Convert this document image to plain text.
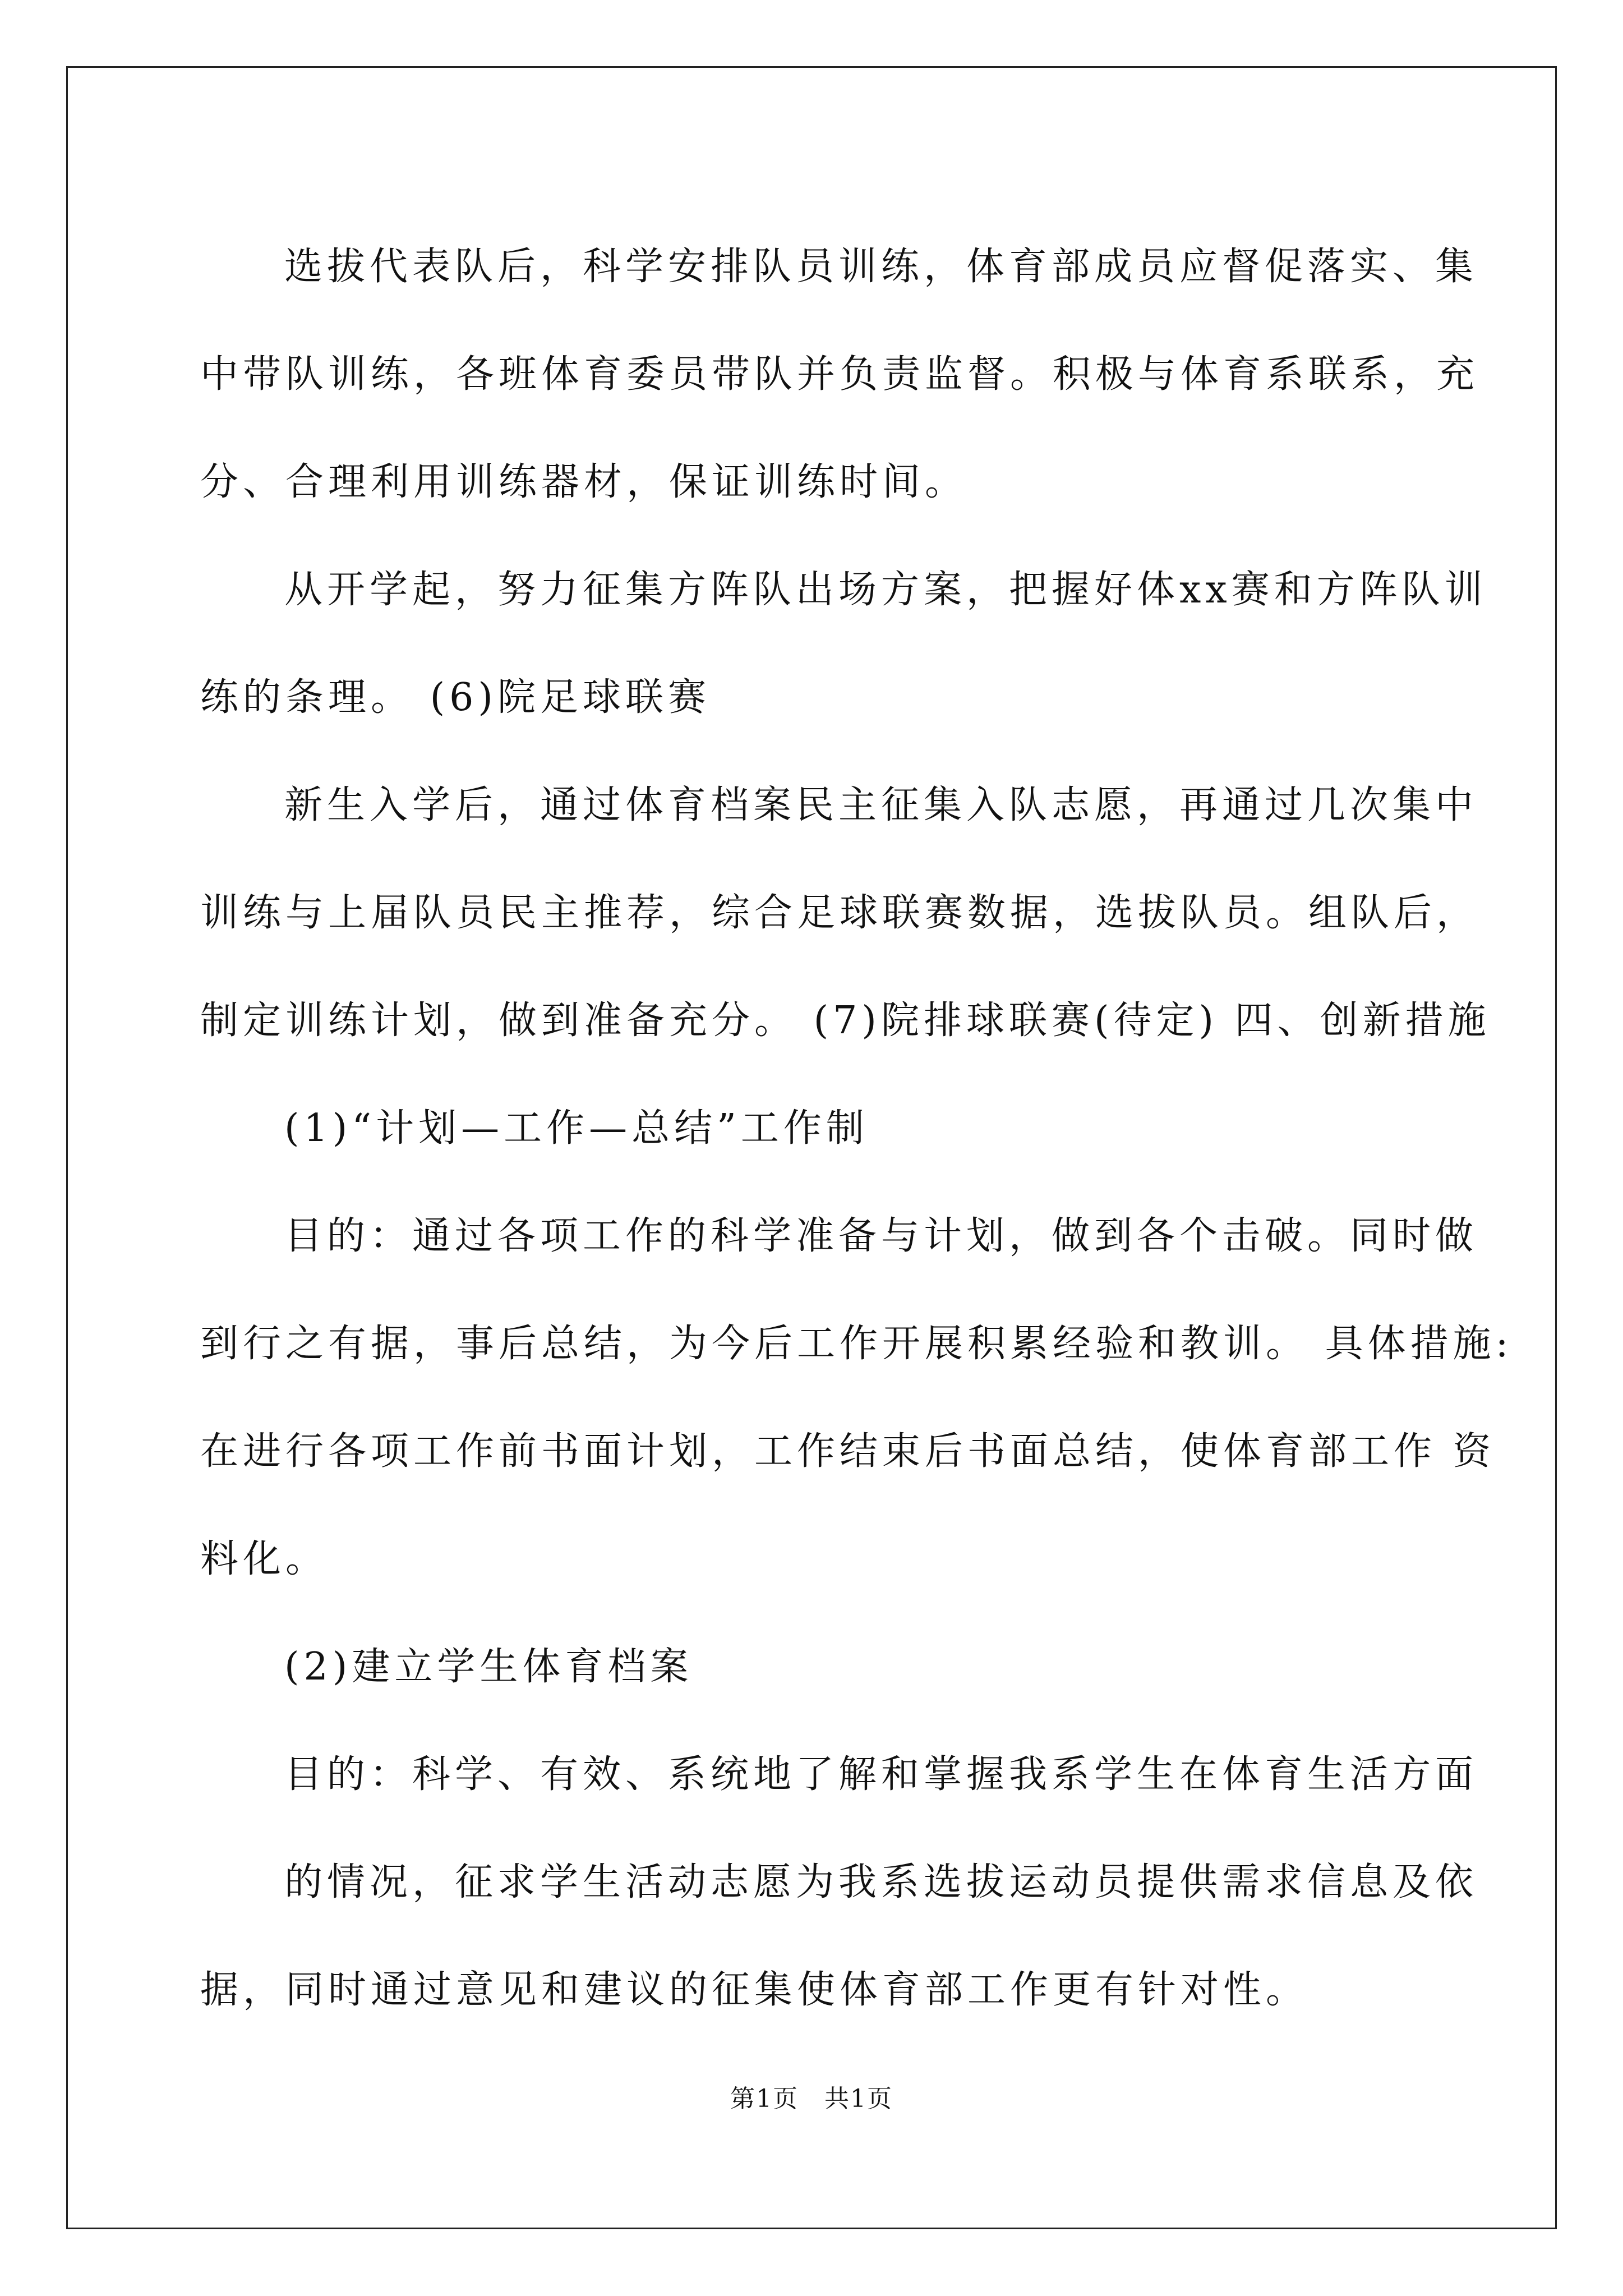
选拔代表队后，科学安排队员训练，体育部成员应督促落实、集
中带队训练，各班体育委员带队并负责监督。积极与体育系联系，充
分、合理利用训练器材，保证训练时间。
从开学起，努力征集方阵队出场方案，把握好体xx赛和方阵队训
练的条理。 (6)院足球联赛
新生入学后，通过体育档案民主征集入队志愿，再通过几次集中
训练与上届队员民主推荐，综合足球联赛数据，选拔队员。组队后，
制定训练计划，做到准备充分。 (7)院排球联赛(待定) 四、创新措施
(1)“计划—工作—总结”工作制
目的：通过各项工作的科学准备与计划，做到各个击破。同时做
到行之有据，事后总结，为今后工作开展积累经验和教训。 具体措施:
在进行各项工作前书面计划，工作结束后书面总结，使体育部工作 资
料化。
(2)建立学生体育档案
目的：科学、有效、系统地了解和掌握我系学生在体育生活方面
的情况，征求学生活动志愿为我系选拔运动员提供需求信息及依
据，同时通过意见和建议的征集使体育部工作更有针对性。
第1页　共1页
